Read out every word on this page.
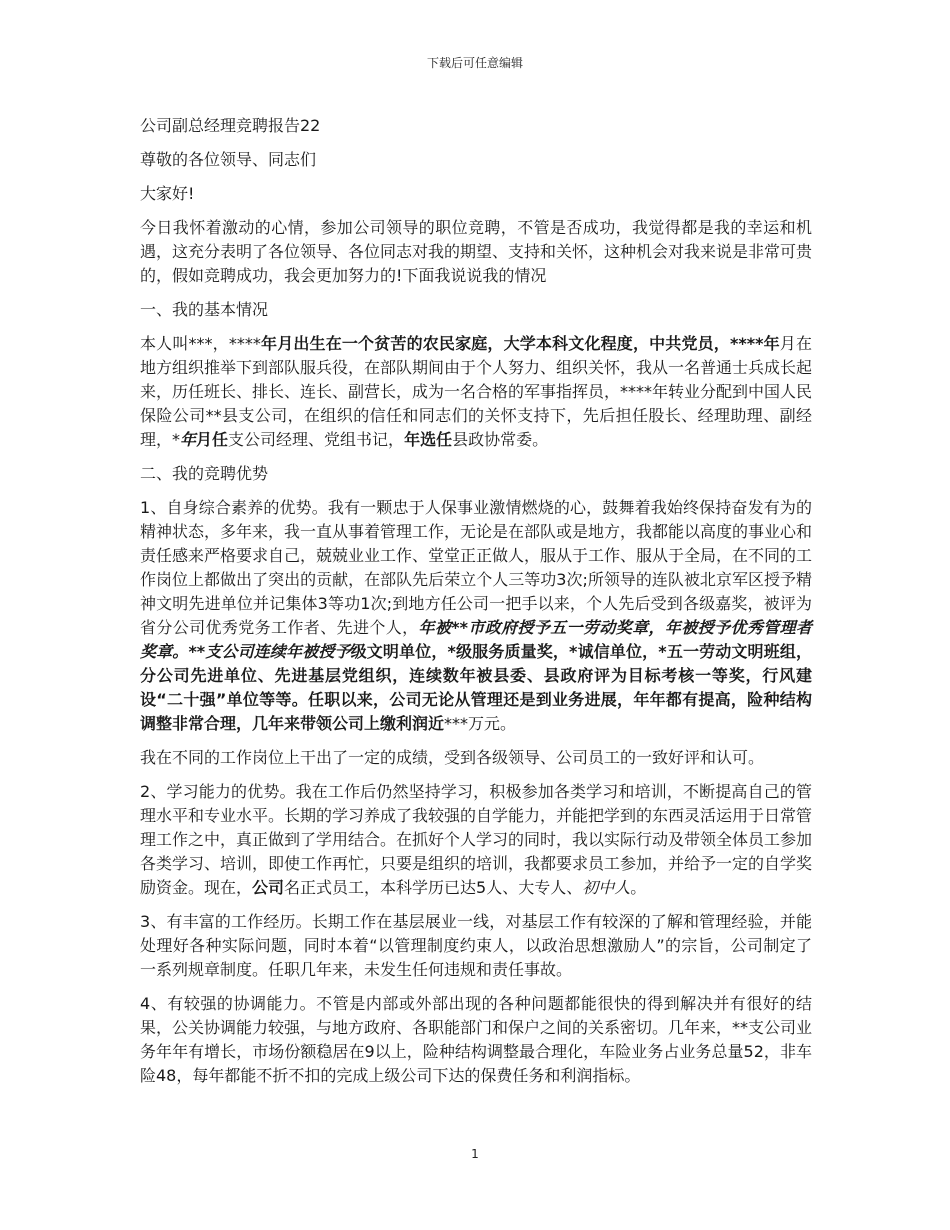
下载后可任意编辑

公司副总经理竞聘报告22

尊敬的各位领导、同志们

大家好!

今日我怀着激动的心情，参加公司领导的职位竞聘，不管是否成功，我觉得都是我的幸运和机遇，这充分表明了各位领导、各位同志对我的期望、支持和关怀，这种机会对我来说是非常可贵的，假如竞聘成功，我会更加努力的!下面我说说我的情况

一、我的基本情况

本人叫***，****年月出生在一个贫苦的农民家庭，大学本科文化程度，中共党员，****年月在地方组织推举下到部队服兵役，在部队期间由于个人努力、组织关怀，我从一名普通士兵成长起来，历任班长、排长、连长、副营长，成为一名合格的军事指挥员，****年转业分配到中国人民保险公司**县支公司，在组织的信任和同志们的关怀支持下，先后担任股长、经理助理、副经理，*年月任支公司经理、党组书记，年选任县政协常委。

二、我的竞聘优势

1、自身综合素养的优势。我有一颗忠于人保事业激情燃烧的心，鼓舞着我始终保持奋发有为的精神状态，多年来，我一直从事着管理工作，无论是在部队或是地方，我都能以高度的事业心和责任感来严格要求自己，兢兢业业工作、堂堂正正做人，服从于工作、服从于全局，在不同的工作岗位上都做出了突出的贡献，在部队先后荣立个人三等功3次;所领导的连队被北京军区授予精神文明先进单位并记集体3等功1次;到地方任公司一把手以来，个人先后受到各级嘉奖，被评为省分公司优秀党务工作者、先进个人，年被**市政府授予五一劳动奖章，年被授予优秀管理者奖章。**支公司连续年被授予级文明单位，*级服务质量奖，*诚信单位，*五一劳动文明班组，分公司先进单位、先进基层党组织，连续数年被县委、县政府评为目标考核一等奖，行风建设“二十强”单位等等。任职以来，公司无论从管理还是到业务进展，年年都有提高，险种结构调整非常合理，几年来带领公司上缴利润近***万元。

我在不同的工作岗位上干出了一定的成绩，受到各级领导、公司员工的一致好评和认可。

2、学习能力的优势。我在工作后仍然坚持学习，积极参加各类学习和培训，不断提高自己的管理水平和专业水平。长期的学习养成了我较强的自学能力，并能把学到的东西灵活运用于日常管理工作之中，真正做到了学用结合。在抓好个人学习的同时，我以实际行动及带领全体员工参加各类学习、培训，即使工作再忙，只要是组织的培训，我都要求员工参加，并给予一定的自学奖励资金。现在，公司名正式员工，本科学历已达5人、大专人、初中人。

3、有丰富的工作经历。长期工作在基层展业一线，对基层工作有较深的了解和管理经验，并能处理好各种实际问题，同时本着“以管理制度约束人，以政治思想激励人”的宗旨，公司制定了一系列规章制度。任职几年来，未发生任何违规和责任事故。

4、有较强的协调能力。不管是内部或外部出现的各种问题都能很快的得到解决并有很好的结果，公关协调能力较强，与地方政府、各职能部门和保户之间的关系密切。几年来，**支公司业务年年有增长，市场份额稳居在9以上，险种结构调整最合理化，车险业务占业务总量52，非车险48，每年都能不折不扣的完成上级公司下达的保费任务和利润指标。

1
